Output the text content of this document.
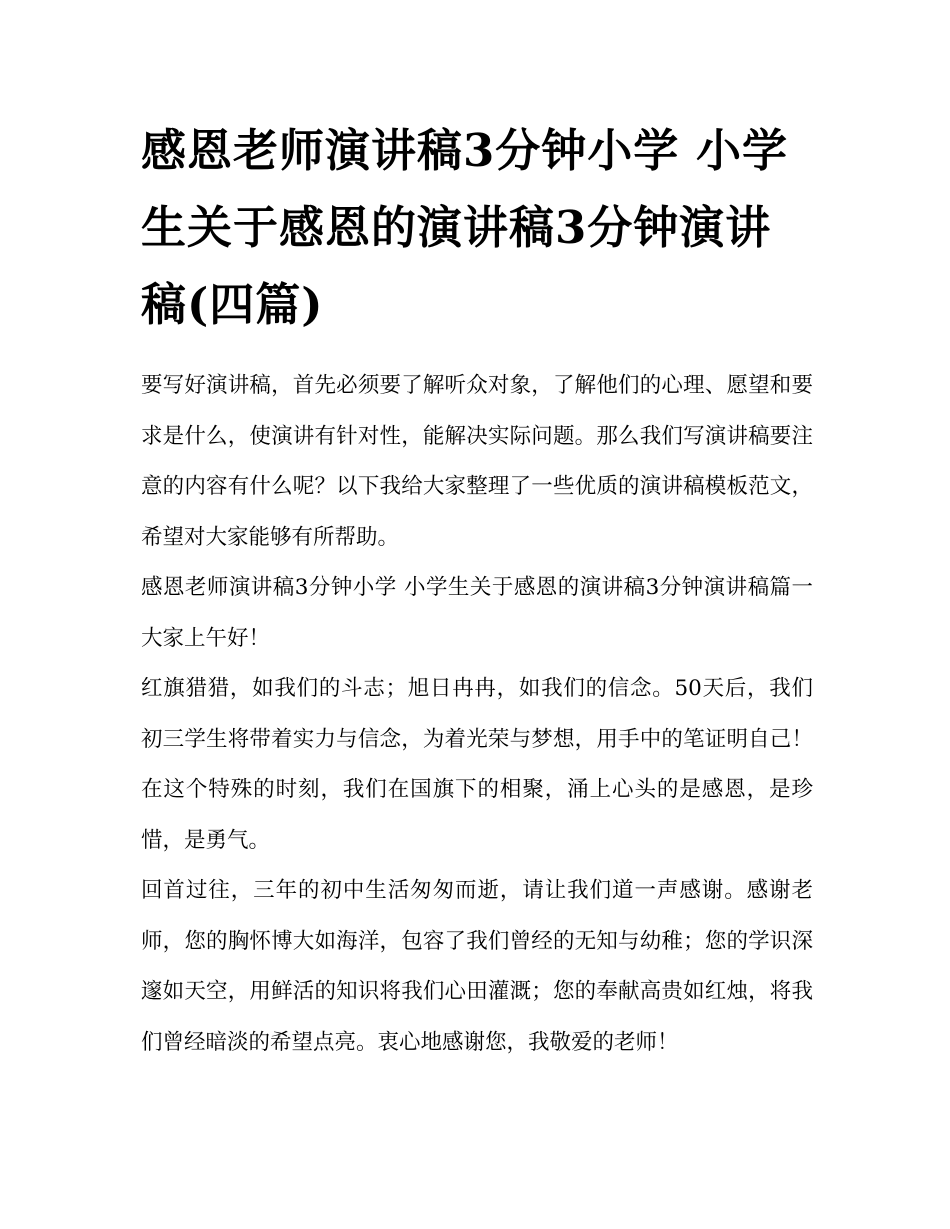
感恩老师演讲稿3分钟小学 小学生关于感恩的演讲稿3分钟演讲稿(四篇)

要写好演讲稿，首先必须要了解听众对象，了解他们的心理、愿望和要求是什么，使演讲有针对性，能解决实际问题。那么我们写演讲稿要注意的内容有什么呢？以下我给大家整理了一些优质的演讲稿模板范文，希望对大家能够有所帮助。

感恩老师演讲稿3分钟小学 小学生关于感恩的演讲稿3分钟演讲稿篇一 大家上午好！

红旗猎猎，如我们的斗志；旭日冉冉，如我们的信念。50天后，我们初三学生将带着实力与信念，为着光荣与梦想，用手中的笔证明自己！在这个特殊的时刻，我们在国旗下的相聚，涌上心头的是感恩，是珍惜，是勇气。

回首过往，三年的初中生活匆匆而逝，请让我们道一声感谢。感谢老师，您的胸怀博大如海洋，包容了我们曾经的无知与幼稚；您的学识深邃如天空，用鲜活的知识将我们心田灌溉；您的奉献高贵如红烛，将我们曾经暗淡的希望点亮。衷心地感谢您，我敬爱的老师！
